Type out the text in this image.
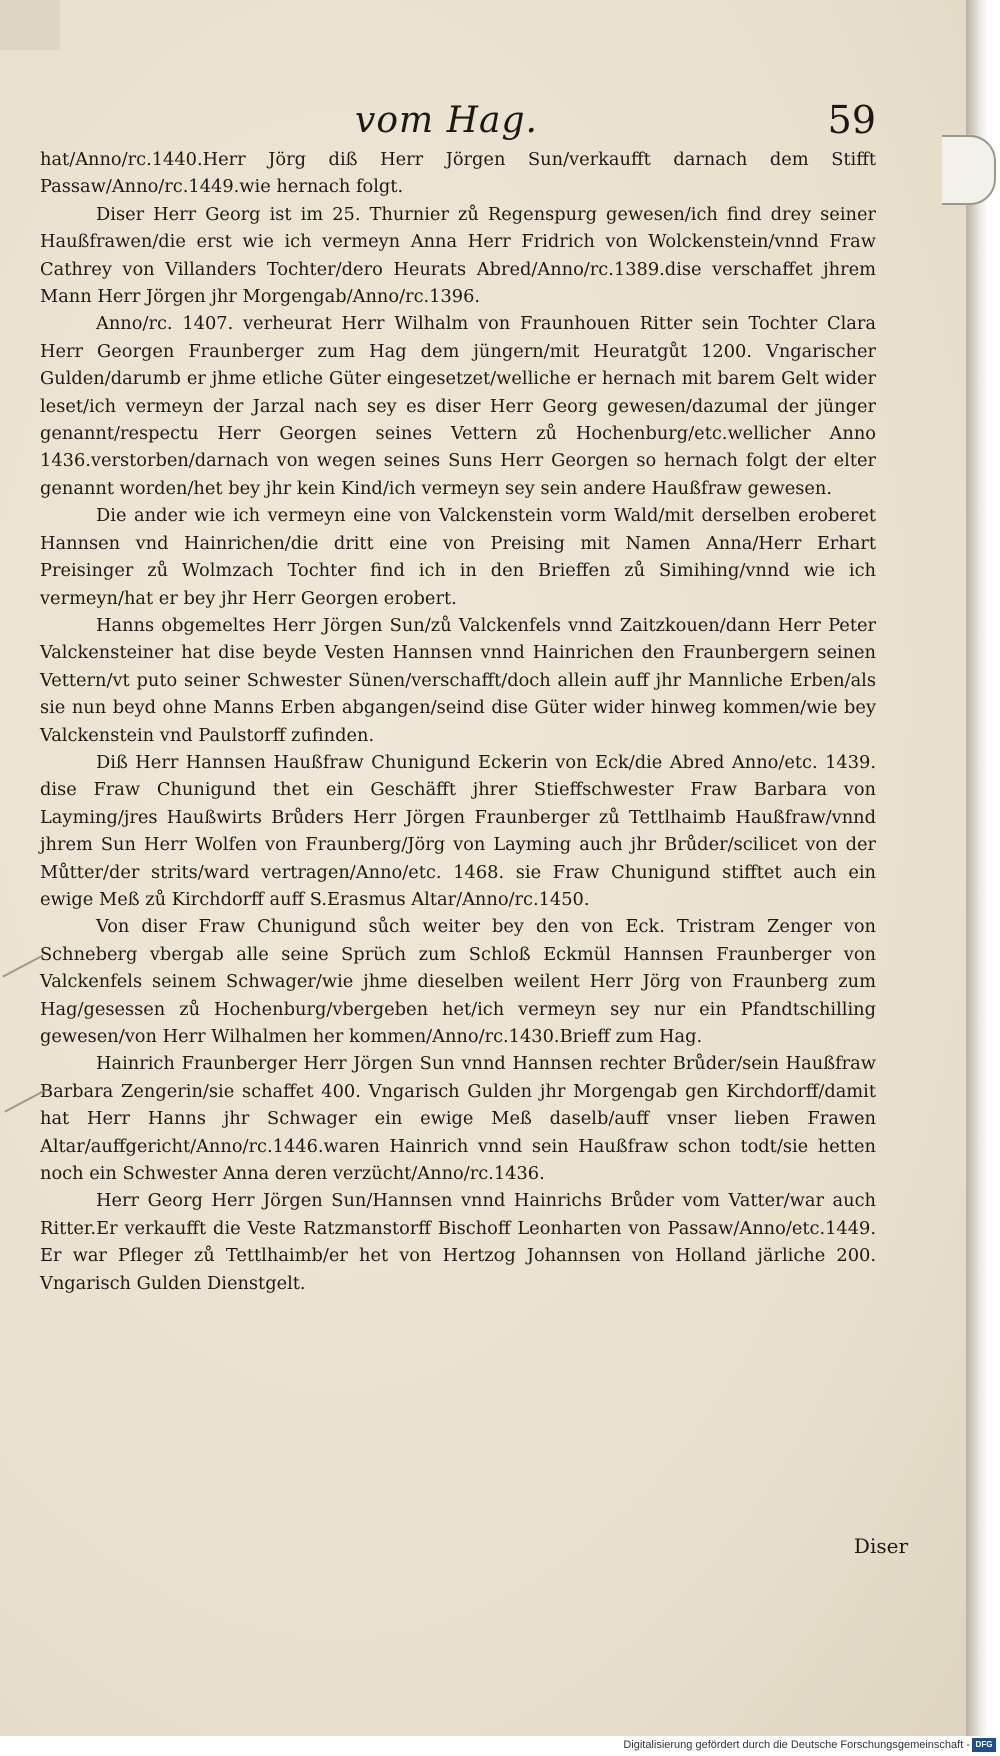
vom Hag.	59

hat/Anno/rc.1440.Herr Jörg diß Herr Jörgen Sun/verkaufft darnach dem Stifft Passaw/Anno/rc.1449.wie hernach folgt.

Diser Herr Georg ist im 25. Thurnier zů Regenspurg gewesen/ich find drey seiner Haußfrawen/die erst wie ich vermeyn Anna Herr Fridrich von Wolckenstein/vnnd Fraw Cathrey von Villanders Tochter/dero Heurats Abred/Anno/rc.1389.dise verschaffet jhrem Mann Herr Jörgen jhr Morgengab/Anno/rc.1396.

Anno/rc. 1407. verheurat Herr Wilhalm von Fraunhouen Ritter sein Tochter Clara Herr Georgen Fraunberger zum Hag dem jüngern/mit Heuratgůt 1200. Vngarischer Gulden/darumb er jhme etliche Güter eingesetzet/welliche er hernach mit barem Gelt wider leset/ich vermeyn der Jarzal nach sey es diser Herr Georg gewesen/dazumal der jünger genannt/respectu Herr Georgen seines Vettern zů Hochenburg/etc.wellicher Anno 1436.verstorben/darnach von wegen seines Suns Herr Georgen so hernach folgt der elter genannt worden/het bey jhr kein Kind/ich vermeyn sey sein andere Haußfraw gewesen.

Die ander wie ich vermeyn eine von Valckenstein vorm Wald/mit derselben eroberet Hannsen vnd Hainrichen/die dritt eine von Preising mit Namen Anna/Herr Erhart Preisinger zů Wolmzach Tochter find ich in den Brieffen zů Simihing/vnnd wie ich vermeyn/hat er bey jhr Herr Georgen erobert.

Hanns obgemeltes Herr Jörgen Sun/zů Valckenfels vnnd Zaitzkouen/dann Herr Peter Valckensteiner hat dise beyde Vesten Hannsen vnnd Hainrichen den Fraunbergern seinen Vettern/vt puto seiner Schwester Sünen/verschafft/doch allein auff jhr Mannliche Erben/als sie nun beyd ohne Manns Erben abgangen/seind dise Güter wider hinweg kommen/wie bey Valckenstein vnd Paulstorff zufinden.

Diß Herr Hannsen Haußfraw Chunigund Eckerin von Eck/die Abred Anno/etc. 1439. dise Fraw Chunigund thet ein Geschäfft jhrer Stieffschwester Fraw Barbara von Layming/jres Haußwirts Brůders Herr Jörgen Fraunberger zů Tettlhaimb Haußfraw/vnnd jhrem Sun Herr Wolfen von Fraunberg/Jörg von Layming auch jhr Brůder/scilicet von der Můtter/der strits/ward vertragen/Anno/etc. 1468. sie Fraw Chunigund stifftet auch ein ewige Meß zů Kirchdorff auff S.Erasmus Altar/Anno/rc.1450.

Von diser Fraw Chunigund sůch weiter bey den von Eck. Tristram Zenger von Schneberg vbergab alle seine Sprüch zum Schloß Eckmül Hannsen Fraunberger von Valckenfels seinem Schwager/wie jhme dieselben weilent Herr Jörg von Fraunberg zum Hag/gesessen zů Hochenburg/vbergeben het/ich vermeyn sey nur ein Pfandtschilling gewesen/von Herr Wilhalmen her kommen/Anno/rc.1430.Brieff zum Hag.

Hainrich Fraunberger Herr Jörgen Sun vnnd Hannsen rechter Brůder/sein Haußfraw Barbara Zengerin/sie schaffet 400. Vngarisch Gulden jhr Morgengab gen Kirchdorff/damit hat Herr Hanns jhr Schwager ein ewige Meß daselb/auff vnser lieben Frawen Altar/auffgericht/Anno/rc.1446.waren Hainrich vnnd sein Haußfraw schon todt/sie hetten noch ein Schwester Anna deren verzücht/Anno/rc.1436.

Herr Georg Herr Jörgen Sun/Hannsen vnnd Hainrichs Brůder vom Vatter/war auch Ritter.Er verkaufft die Veste Ratzmanstorff Bischoff Leonharten von Passaw/Anno/etc.1449. Er war Pfleger zů Tettlhaimb/er het von Hertzog Johannsen von Holland järliche 200. Vngarisch Gulden Dienstgelt.

Diser
Digitalisierung gefördert durch die Deutsche Forschungsgemeinschaft - DFG
